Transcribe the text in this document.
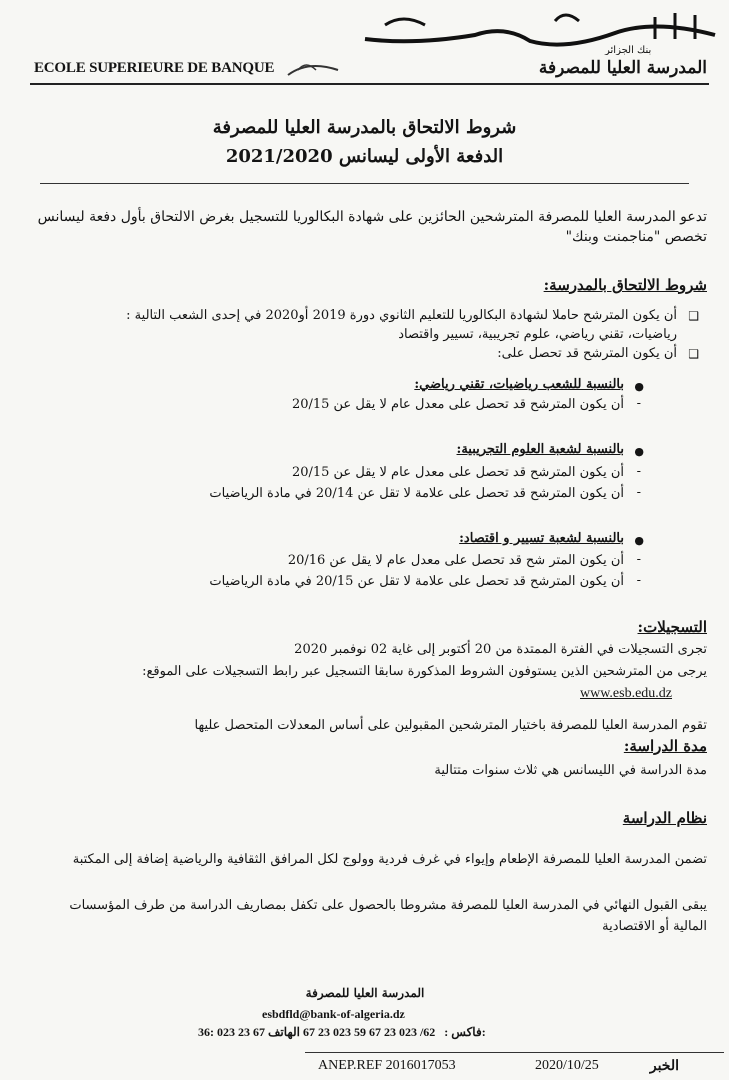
بنك الجزائر
ECOLE SUPERIEURE DE BANQUE	المدرسة العليا للمصرفة
شروط الالتحاق بالمدرسة العليا للمصرفة
الدفعة الأولى ليسانس 2021/2020
تدعو المدرسة العليا للمصرفة المترشحين الحائزين على شهادة البكالوريا للتسجيل بغرض الالتحاق بأول دفعة ليسانس
تخصص "مناجمنت وبنك"
شروط الالتحاق بالمدرسة:
❑
أن يكون المترشح حاملا لشهادة البكالوريا للتعليم الثانوي دورة 2019 أو2020 في إحدى الشعب التالية :
رياضيات، تقني رياضي، علوم تجريبية، تسيير واقتصاد
❑
أن يكون المترشح قد تحصل على:
●
بالنسبة للشعب رياضيات، تقني رياضي:
-
أن يكون المترشح قد تحصل على معدل عام لا يقل عن 20/15
●
بالنسبة لشعبة العلوم التجريبية:
-
أن يكون المترشح قد تحصل على معدل عام لا يقل عن 20/15
-
أن يكون المترشح قد تحصل على علامة لا تقل عن 20/14 في مادة الرياضيات
●
بالنسبة لشعبة تسيير و اقتصاد:
-
أن يكون المتر شح قد تحصل على معدل عام لا يقل عن 20/16
-
أن يكون المترشح قد تحصل على علامة لا تقل عن 20/15 في مادة الرياضيات
التسجيلات:
تجرى التسجيلات في الفترة الممتدة من 20 أكتوبر إلى غاية 02 نوفمبر 2020
يرجى من المترشحين الذين يستوفون الشروط المذكورة سابقا التسجيل عبر رابط التسجيلات على الموقع:
www.esb.edu.dz
تقوم المدرسة العليا للمصرفة باختيار المترشحين المقبولين على أساس المعدلات المتحصل عليها
مدة الدراسة:
مدة الدراسة في الليسانس هي ثلاث سنوات متتالية
نظام الدراسة
تضمن المدرسة العليا للمصرفة الإطعام وإيواء في غرف فردية وولوج لكل المرافق الثقافية والرياضية إضافة إلى المكتبة
يبقى القبول النهائي في المدرسة العليا للمصرفة مشروطا بالحصول على تكفل بمصاريف الدراسة من طرف المؤسسات
المالية أو الاقتصادية
المدرسة العليا للمصرفة
esbdfld@bank-of-algeria.dz
36: 023 23 67	فاكس :   62/ 023 23 67 59 023 23 67 الهاتف:
ANEP.REF 2016017053	2020/10/25	الخبر
